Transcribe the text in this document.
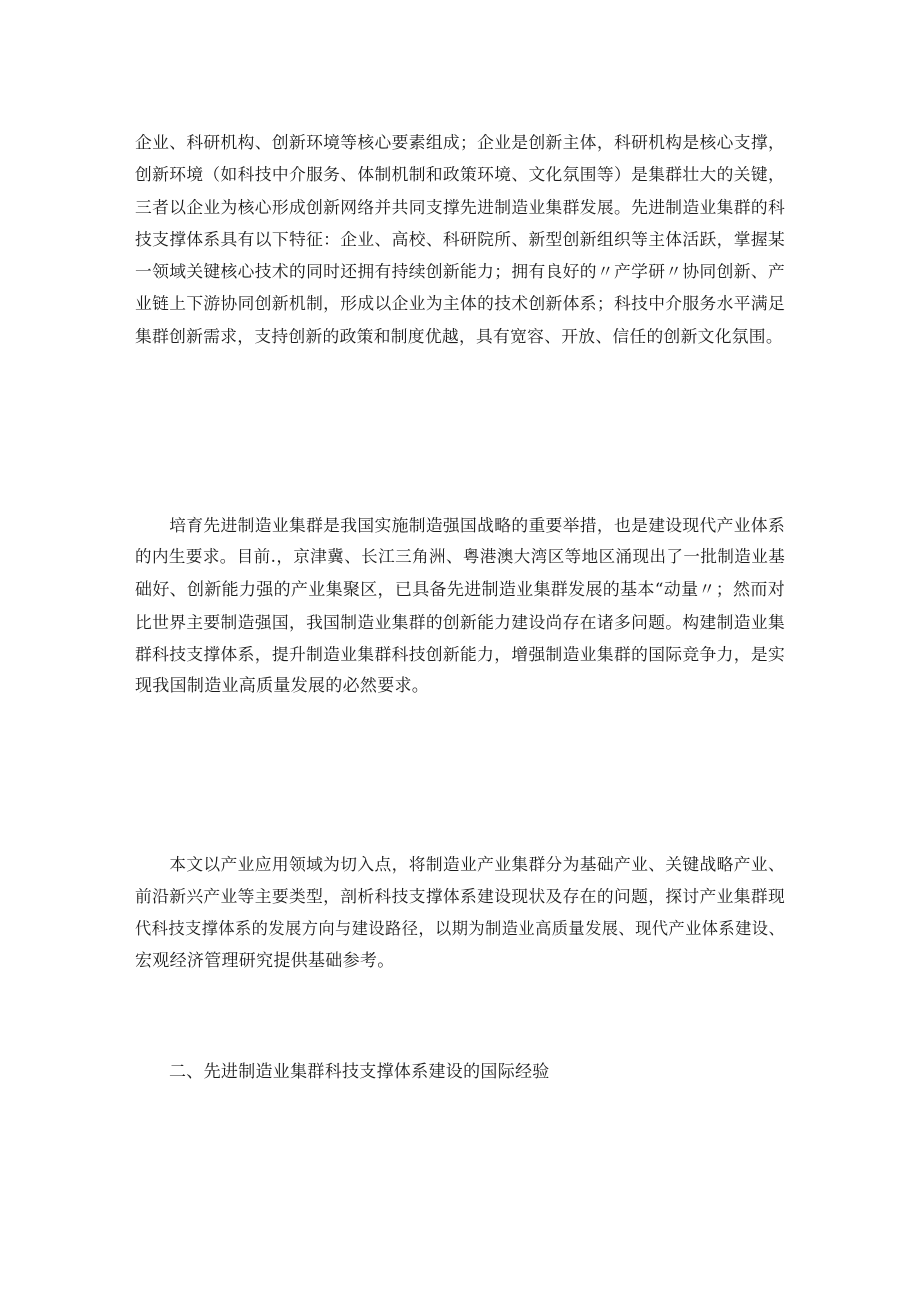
企业、科研机构、创新环境等核心要素组成；企业是创新主体，科研机构是核心支撑，
创新环境（如科技中介服务、体制机制和政策环境、文化氛围等）是集群壮大的关键，
三者以企业为核心形成创新网络并共同支撑先进制造业集群发展。先进制造业集群的科
技支撑体系具有以下特征：企业、高校、科研院所、新型创新组织等主体活跃，掌握某
一领域关键核心技术的同时还拥有持续创新能力；拥有良好的〃产学研〃协同创新、产
业链上下游协同创新机制，形成以企业为主体的技术创新体系；科技中介服务水平满足
集群创新需求，支持创新的政策和制度优越，具有宽容、开放、信任的创新文化氛围。
　　培育先进制造业集群是我国实施制造强国战略的重要举措，也是建设现代产业体系
的内生要求。目前.，京津冀、长江三角洲、粤港澳大湾区等地区涌现出了一批制造业基
础好、创新能力强的产业集聚区，已具备先进制造业集群发展的基本“动量〃；然而对
比世界主要制造强国，我国制造业集群的创新能力建设尚存在诸多问题。构建制造业集
群科技支撑体系，提升制造业集群科技创新能力，增强制造业集群的国际竞争力，是实
现我国制造业高质量发展的必然要求。
　　本文以产业应用领域为切入点，将制造业产业集群分为基础产业、关键战略产业、
前沿新兴产业等主要类型，剖析科技支撑体系建设现状及存在的问题，探讨产业集群现
代科技支撑体系的发展方向与建设路径，以期为制造业高质量发展、现代产业体系建设、
宏观经济管理研究提供基础参考。
二、先进制造业集群科技支撑体系建设的国际经验
